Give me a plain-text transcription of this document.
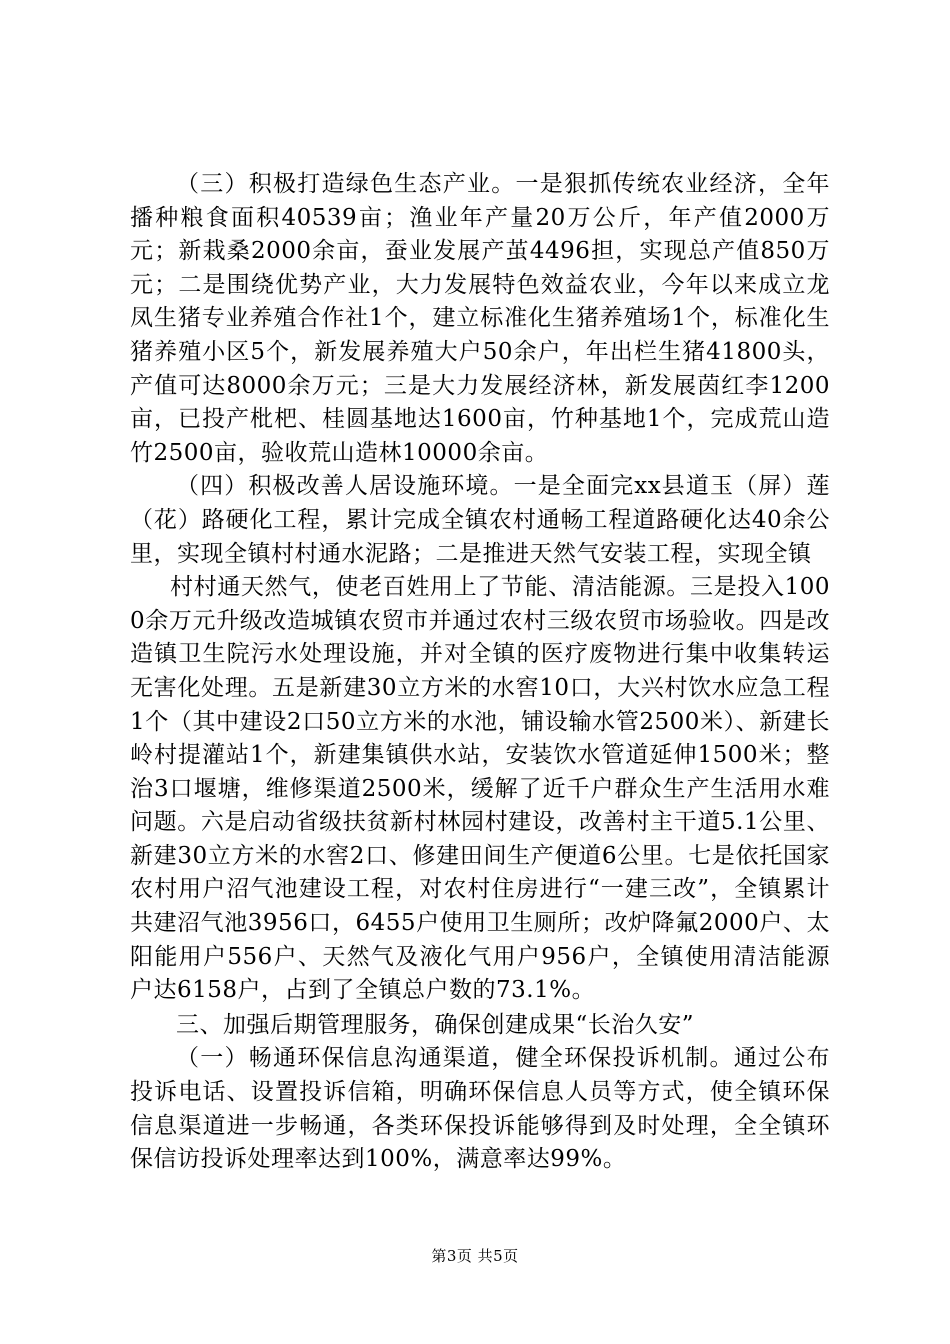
（三）积极打造绿色生态产业。一是狠抓传统农业经济，全年播种粮食面积40539亩；渔业年产量20万公斤，年产值2000万元；新栽桑2000余亩，蚕业发展产茧4496担，实现总产值850万元；二是围绕优势产业，大力发展特色效益农业，今年以来成立龙凤生猪专业养殖合作社1个，建立标准化生猪养殖场1个，标准化生猪养殖小区5个，新发展养殖大户50余户，年出栏生猪41800头，产值可达8000余万元；三是大力发展经济林，新发展茵红李1200亩，已投产枇杷、桂圆基地达1600亩，竹种基地1个，完成荒山造竹2500亩，验收荒山造林10000余亩。

（四）积极改善人居设施环境。一是全面完xx县道玉（屏）莲（花）路硬化工程，累计完成全镇农村通畅工程道路硬化达40余公里，实现全镇村村通水泥路；二是推进天然气安装工程，实现全镇

村村通天然气，使老百姓用上了节能、清洁能源。三是投入1000余万元升级改造城镇农贸市并通过农村三级农贸市场验收。四是改造镇卫生院污水处理设施，并对全镇的医疗废物进行集中收集转运无害化处理。五是新建30立方米的水窖10口，大兴村饮水应急工程1个（其中建设2口50立方米的水池，铺设输水管2500米）、新建长岭村提灌站1个，新建集镇供水站，安装饮水管道延伸1500米；整治3口堰塘，维修渠道2500米，缓解了近千户群众生产生活用水难问题。六是启动省级扶贫新村林园村建设，改善村主干道5.1公里、新建30立方米的水窖2口、修建田间生产便道6公里。七是依托国家农村用户沼气池建设工程，对农村住房进行“一建三改”，全镇累计共建沼气池3956口，6455户使用卫生厕所；改炉降氟2000户、太阳能用户556户、天然气及液化气用户956户，全镇使用清洁能源户达6158户，占到了全镇总户数的73.1%。

三、加强后期管理服务，确保创建成果“长治久安”

（一）畅通环保信息沟通渠道，健全环保投诉机制。通过公布投诉电话、设置投诉信箱，明确环保信息人员等方式，使全镇环保信息渠道进一步畅通，各类环保投诉能够得到及时处理，全全镇环保信访投诉处理率达到100%，满意率达99%。

第3页 共5页
